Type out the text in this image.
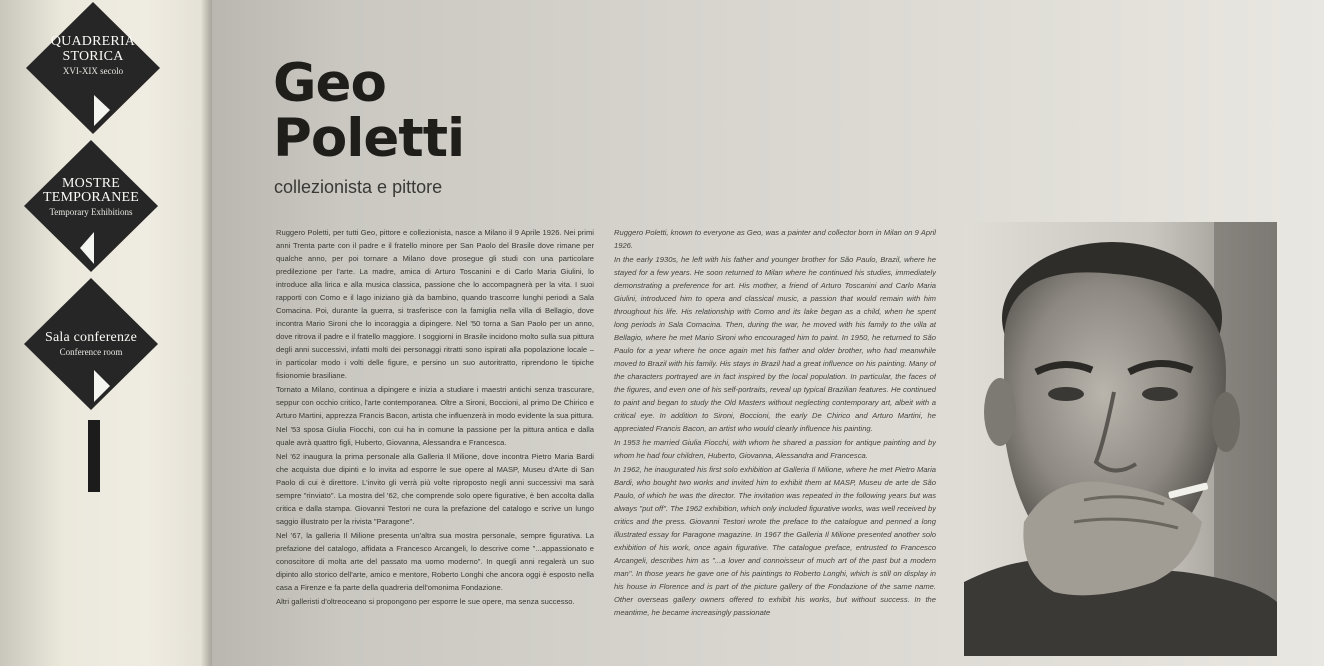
QUADRERIA
STORICA
XVI-XIX secolo
MOSTRE
TEMPORANEE
Temporary Exhibitions
Sala conferenze
Conference room
Geo
Poletti
collezionista e pittore

Ruggero Poletti, per tutti Geo, pittore e collezionista, nasce a Milano il 9 Aprile 1926. Nei primi anni Trenta parte con il padre e il fratello minore per San Paolo del Brasile dove rimane per qualche anno, per poi tornare a Milano dove prosegue gli studi con una particolare predilezione per l'arte. La madre, amica di Arturo Toscanini e di Carlo Maria Giulini, lo introduce alla lirica e alla musica classica, passione che lo accompagnerà per la vita. I suoi rapporti con Como e il lago iniziano già da bambino, quando trascorre lunghi periodi a Sala Comacina. Poi, durante la guerra, si trasferisce con la famiglia nella villa di Bellagio, dove incontra Mario Sironi che lo incoraggia a dipingere. Nel '50 torna a San Paolo per un anno, dove ritrova il padre e il fratello maggiore. I soggiorni in Brasile incidono molto sulla sua pittura degli anni successivi, infatti molti dei personaggi ritratti sono ispirati alla popolazione locale – in particolar modo i volti delle figure, e persino un suo autoritratto, riprendono le tipiche fisionomie brasiliane.

Tornato a Milano, continua a dipingere e inizia a studiare i maestri antichi senza trascurare, seppur con occhio critico, l'arte contemporanea. Oltre a Sironi, Boccioni, al primo De Chirico e Arturo Martini, apprezza Francis Bacon, artista che influenzerà in modo evidente la sua pittura.

Nel '53 sposa Giulia Fiocchi, con cui ha in comune la passione per la pittura antica e dalla quale avrà quattro figli, Huberto, Giovanna, Alessandra e Francesca.

Nel '62 inaugura la prima personale alla Galleria Il Milione, dove incontra Pietro Maria Bardi che acquista due dipinti e lo invita ad esporre le sue opere al MASP, Museu d'Arte di San Paolo di cui è direttore. L'invito gli verrà più volte riproposto negli anni successivi ma sarà sempre "rinviato". La mostra del '62, che comprende solo opere figurative, è ben accolta dalla critica e dalla stampa. Giovanni Testori ne cura la prefazione del catalogo e scrive un lungo saggio illustrato per la rivista "Paragone".

Nel '67, la galleria Il Milione presenta un'altra sua mostra personale, sempre figurativa. La prefazione del catalogo, affidata a Francesco Arcangeli, lo descrive come "...appassionato e conoscitore di molta arte del passato ma uomo moderno". In quegli anni regalerà un suo dipinto allo storico dell'arte, amico e mentore, Roberto Longhi che ancora oggi è esposto nella casa a Firenze e fa parte della quadreria dell'omonima Fondazione.

Altri galleristi d'oltreoceano si propongono per esporre le sue opere, ma senza successo.

Ruggero Poletti, known to everyone as Geo, was a painter and collector born in Milan on 9 April 1926.

In the early 1930s, he left with his father and younger brother for São Paulo, Brazil, where he stayed for a few years. He soon returned to Milan where he continued his studies, immediately demonstrating a preference for art. His mother, a friend of Arturo Toscanini and Carlo Maria Giulini, introduced him to opera and classical music, a passion that would remain with him throughout his life. His relationship with Como and its lake began as a child, when he spent long periods in Sala Comacina. Then, during the war, he moved with his family to the villa at Bellagio, where he met Mario Sironi who encouraged him to paint. In 1950, he returned to São Paulo for a year where he once again met his father and older brother, who had meanwhile moved to Brazil with his family. His stays in Brazil had a great influence on his painting. Many of the characters portrayed are in fact inspired by the local population. In particular, the faces of the figures, and even one of his self-portraits, reveal up typical Brazilian features. He continued to paint and began to study the Old Masters without neglecting contemporary art, albeit with a critical eye. In addition to Sironi, Boccioni, the early De Chirico and Arturo Martini, he appreciated Francis Bacon, an artist who would clearly influence his painting.

In 1953 he married Giulia Fiocchi, with whom he shared a passion for antique painting and by whom he had four children, Huberto, Giovanna, Alessandra and Francesca.

In 1962, he inaugurated his first solo exhibition at Galleria Il Milione, where he met Pietro Maria Bardi, who bought two works and invited him to exhibit them at MASP, Museu de arte de São Paulo, of which he was the director. The invitation was repeated in the following years but was always "put off". The 1962 exhibition, which only included figurative works, was well received by critics and the press. Giovanni Testori wrote the preface to the catalogue and penned a long illustrated essay for Paragone magazine. In 1967 the Galleria Il Milione presented another solo exhibition of his work, once again figurative. The catalogue preface, entrusted to Francesco Arcangeli, describes him as "...a lover and connoisseur of much art of the past but a modern man". In those years he gave one of his paintings to Roberto Longhi, which is still on display in his house in Florence and is part of the picture gallery of the Fondazione of the same name. Other overseas gallery owners offered to exhibit his works, but without success. In the meantime, he became increasingly passionate
